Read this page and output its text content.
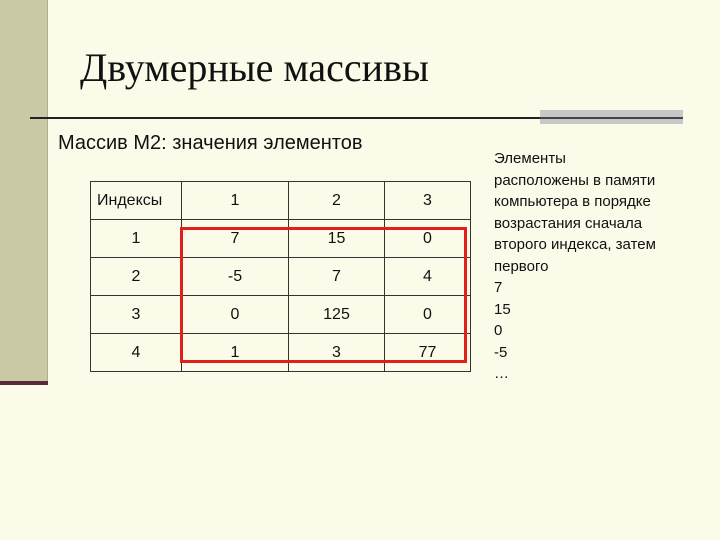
Двумерные массивы
Массив M2: значения элементов
Индексы	1	2	3
1	7	15	0
2	-5	7	4
3	0	125	0
4	1	3	77
Элементы
расположены в памяти
компьютера в порядке
возрастания сначала
второго индекса, затем
первого
7
15
0
-5
…
